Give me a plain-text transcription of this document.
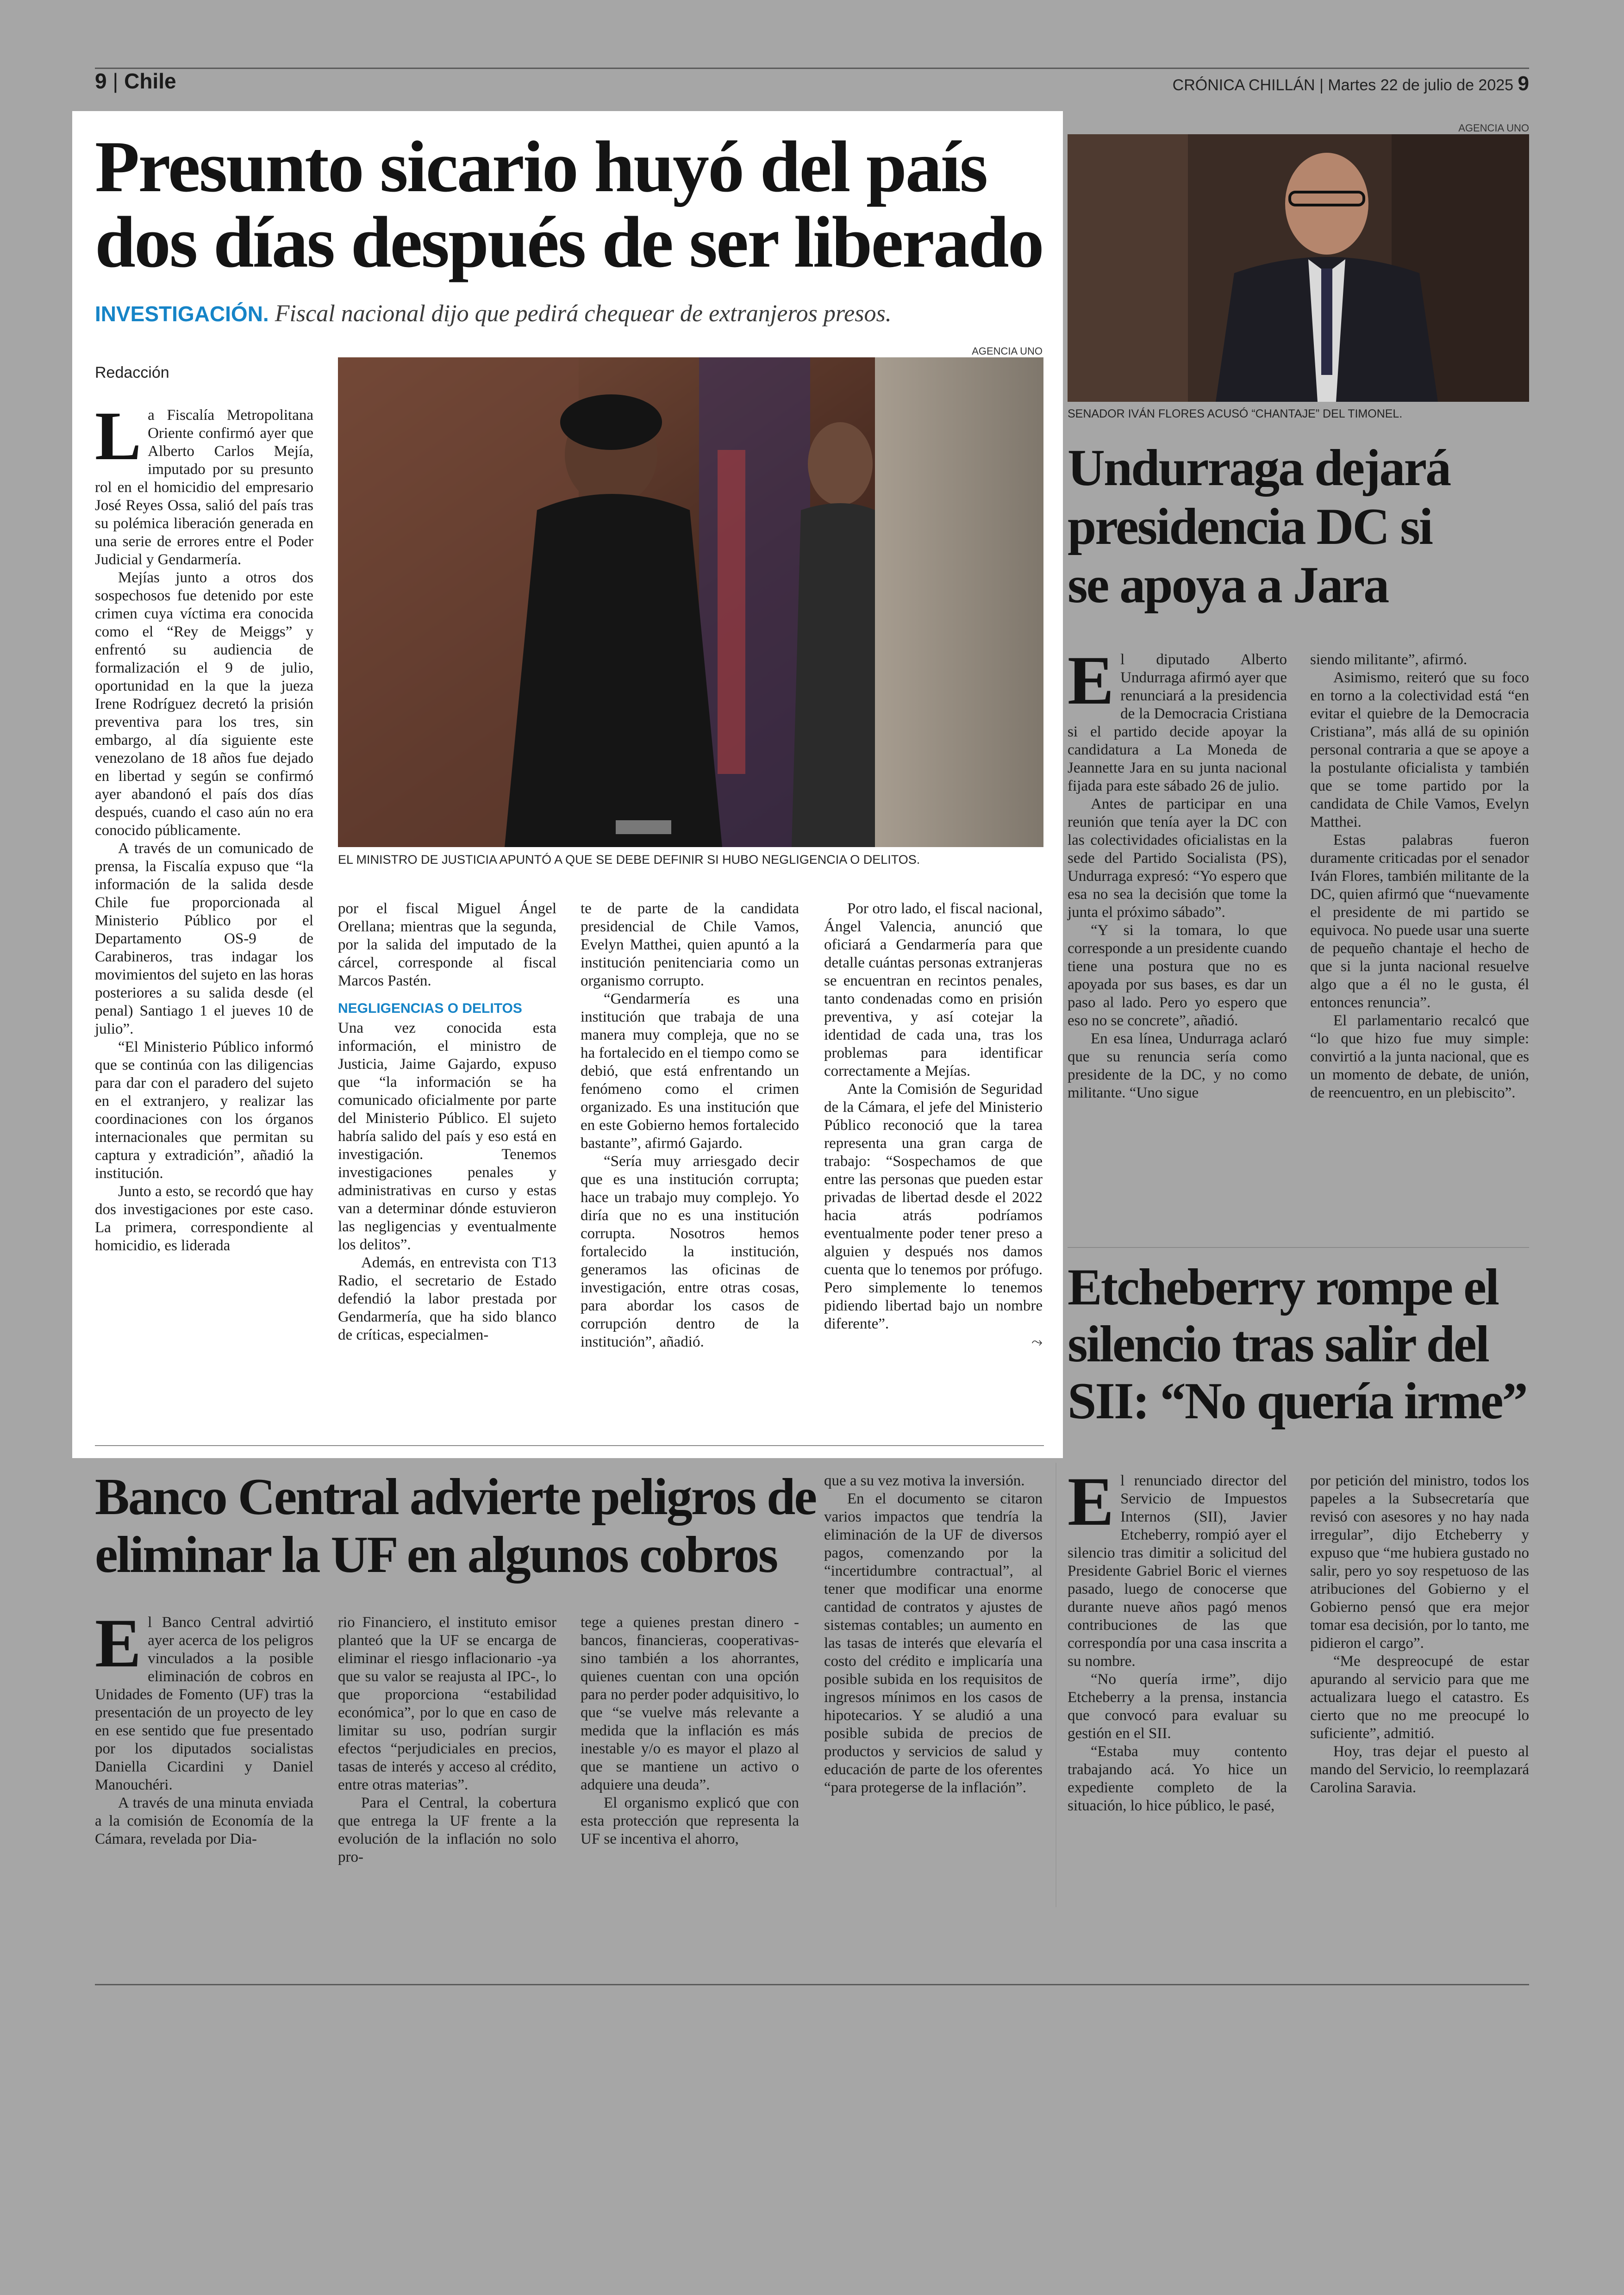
9 | Chile	CRÓNICA CHILLÁN | Martes 22 de julio de 2025 9
Presunto sicario huyó del país
dos días después de ser liberado
INVESTIGACIÓN. Fiscal nacional dijo que pedirá chequear de extranjeros presos.
Redacción
AGENCIA UNO
EL MINISTRO DE JUSTICIA APUNTÓ A QUE SE DEBE DEFINIR SI HUBO NEGLIGENCIA O DELITOS.
L a Fiscalía Metropolitana Oriente confirmó ayer que Alberto Carlos Mejía, imputado por su presunto rol en el homicidio del empresario José Reyes Ossa, salió del país tras su polémica liberación generada en una serie de errores entre el Poder Judicial y Gendarmería.

Mejías junto a otros dos sospechosos fue detenido por este crimen cuya víctima era conocida como el “Rey de Meiggs” y enfrentó su audiencia de formalización el 9 de julio, oportunidad en la que la jueza Irene Rodríguez decretó la prisión preventiva para los tres, sin embargo, al día siguiente este venezolano de 18 años fue dejado en libertad y según se confirmó ayer abandonó el país dos días después, cuando el caso aún no era conocido públicamente.

A través de un comunicado de prensa, la Fiscalía expuso que “la información de la salida desde Chile fue proporcionada al Ministerio Público por el Departamento OS-9 de Carabineros, tras indagar los movimientos del sujeto en las horas posteriores a su salida desde (el penal) Santiago 1 el jueves 10 de julio”.

“El Ministerio Público informó que se continúa con las diligencias para dar con el paradero del sujeto en el extranjero, y realizar las coordinaciones con los órganos internacionales que permitan su captura y extradición”, añadió la institución.

Junto a esto, se recordó que hay dos investigaciones por este caso. La primera, correspondiente al homicidio, es liderada

por el fiscal Miguel Ángel Orellana; mientras que la segunda, por la salida del imputado de la cárcel, corresponde al fiscal Marcos Pastén.

NEGLIGENCIAS O DELITOS

Una vez conocida esta información, el ministro de Justicia, Jaime Gajardo, expuso que “la información se ha comunicado oficialmente por parte del Ministerio Público. El sujeto habría salido del país y eso está en investigación. Tenemos investigaciones penales y administrativas en curso y estas van a determinar dónde estuvieron las negligencias y eventualmente los delitos”.

Además, en entrevista con T13 Radio, el secretario de Estado defendió la labor prestada por Gendarmería, que ha sido blanco de críticas, especialmen-

te de parte de la candidata presidencial de Chile Vamos, Evelyn Matthei, quien apuntó a la institución penitenciaria como un organismo corrupto.

“Gendarmería es una institución que trabaja de una manera muy compleja, que no se ha fortalecido en el tiempo como se debió, que está enfrentando un fenómeno como el crimen organizado. Es una institución que en este Gobierno hemos fortalecido bastante”, afirmó Gajardo.

“Sería muy arriesgado decir que es una institución corrupta; hace un trabajo muy complejo. Yo diría que no es una institución corrupta. Nosotros hemos fortalecido la institución, generamos las oficinas de investigación, entre otras cosas, para abordar los casos de corrupción dentro de la institución”, añadió.

Por otro lado, el fiscal nacional, Ángel Valencia, anunció que oficiará a Gendarmería para que detalle cuántas personas extranjeras se encuentran en recintos penales, tanto condenadas como en prisión preventiva, y así cotejar la identidad de cada una, tras los problemas para identificar correctamente a Mejías.

Ante la Comisión de Seguridad de la Cámara, el jefe del Ministerio Público reconoció que la tarea representa una gran carga de trabajo: “Sospechamos de que entre las personas que pueden estar privadas de libertad desde el 2022 hacia atrás podríamos eventualmente poder tener preso a alguien y después nos damos cuenta que lo tenemos por prófugo. Pero simplemente lo tenemos pidiendo libertad bajo un nombre diferente”.

⤳
AGENCIA UNO
SENADOR IVÁN FLORES ACUSÓ “CHANTAJE” DEL TIMONEL.
Undurraga dejará
presidencia DC si
se apoya a Jara
E l diputado Alberto Undurraga afirmó ayer que renunciará a la presidencia de la Democracia Cristiana si el partido decide apoyar la candidatura a La Moneda de Jeannette Jara en su junta nacional fijada para este sábado 26 de julio.

Antes de participar en una reunión que tenía ayer la DC con las colectividades oficialistas en la sede del Partido Socialista (PS), Undurraga expresó: “Yo espero que esa no sea la decisión que tome la junta el próximo sábado”.

“Y si la tomara, lo que corresponde a un presidente cuando tiene una postura que no es apoyada por sus bases, es dar un paso al lado. Pero yo espero que eso no se concrete”, añadió.

En esa línea, Undurraga aclaró que su renuncia sería como presidente de la DC, y no como militante. “Uno sigue

siendo militante”, afirmó.

Asimismo, reiteró que su foco en torno a la colectividad está “en evitar el quiebre de la Democracia Cristiana”, más allá de su opinión personal contraria a que se apoye a la postulante oficialista y también que se tome partido por la candidata de Chile Vamos, Evelyn Matthei.

Estas palabras fueron duramente criticadas por el senador Iván Flores, también militante de la DC, quien afirmó que “nuevamente el presidente de mi partido se equivoca. No puede usar una suerte de pequeño chantaje el hecho de que si la junta nacional resuelve algo que a él no le gusta, él entonces renuncia”.

El parlamentario recalcó que “lo que hizo fue muy simple: convirtió a la junta nacional, que es un momento de debate, de unión, de reencuentro, en un plebiscito”.

Etcheberry rompe el
silencio tras salir del
SII: “No quería irme”
E l renunciado director del Servicio de Impuestos Internos (SII), Javier Etcheberry, rompió ayer el silencio tras dimitir a solicitud del Presidente Gabriel Boric el viernes pasado, luego de conocerse que durante nueve años pagó menos contribuciones de las que correspondía por una casa inscrita a su nombre.

“No quería irme”, dijo Etcheberry a la prensa, instancia que convocó para evaluar su gestión en el SII.

“Estaba muy contento trabajando acá. Yo hice un expediente completo de la situación, lo hice público, le pasé,

por petición del ministro, todos los papeles a la Subsecretaría que revisó con asesores y no hay nada irregular”, dijo Etcheberry y expuso que “me hubiera gustado no salir, pero yo soy respetuoso de las atribuciones del Gobierno y el Gobierno pensó que era mejor tomar esa decisión, por lo tanto, me pidieron el cargo”.

“Me despreocupé de estar apurando al servicio para que me actualizara luego el catastro. Es cierto que no me preocupé lo suficiente”, admitió.

Hoy, tras dejar el puesto al mando del Servicio, lo reemplazará Carolina Saravia.

Banco Central advierte peligros de
eliminar la UF en algunos cobros
E l Banco Central advirtió ayer acerca de los peligros vinculados a la posible eliminación de cobros en Unidades de Fomento (UF) tras la presentación de un proyecto de ley en ese sentido que fue presentado por los diputados socialistas Daniella Cicardini y Daniel Manouchéri.

A través de una minuta enviada a la comisión de Economía de la Cámara, revelada por Dia-

rio Financiero, el instituto emisor planteó que la UF se encarga de eliminar el riesgo inflacionario -ya que su valor se reajusta al IPC-, lo que proporciona “estabilidad económica”, por lo que en caso de limitar su uso, podrían surgir efectos “perjudiciales en precios, tasas de interés y acceso al crédito, entre otras materias”.

Para el Central, la cobertura que entrega la UF frente a la evolución de la inflación no solo pro-

tege a quienes prestan dinero -bancos, financieras, cooperativas- sino también a los ahorrantes, quienes cuentan con una opción para no perder poder adquisitivo, lo que “se vuelve más relevante a medida que la inflación es más inestable y/o es mayor el plazo al que se mantiene un activo o adquiere una deuda”.

El organismo explicó que con esta protección que representa la UF se incentiva el ahorro,

que a su vez motiva la inversión.

En el documento se citaron varios impactos que tendría la eliminación de la UF de diversos pagos, comenzando por la “incertidumbre contractual”, al tener que modificar una enorme cantidad de contratos y ajustes de sistemas contables; un aumento en las tasas de interés que elevaría el costo del crédito e implicaría una posible subida en los requisitos de ingresos mínimos en los casos de hipotecarios. Y se aludió a una posible subida de precios de productos y servicios de salud y educación de parte de los oferentes “para protegerse de la inflación”.
